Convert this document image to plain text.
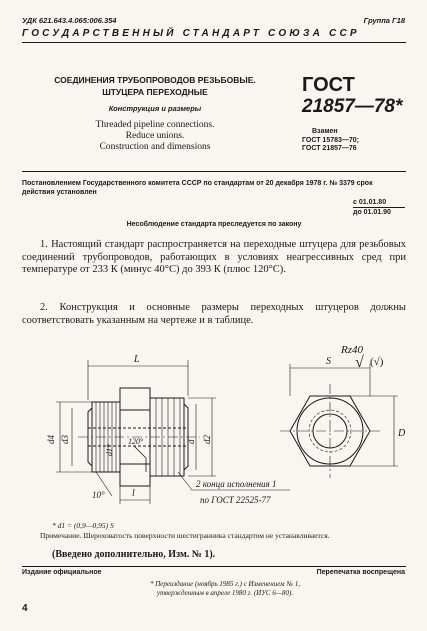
УДК 621.643.4.065:006.354	Группа Г18
ГОСУДАРСТВЕННЫЙ СТАНДАРТ СОЮЗА ССР
СОЕДИНЕНИЯ ТРУБОПРОВОДОВ РЕЗЬБОВЫЕ. ШТУЦЕРА ПЕРЕХОДНЫЕ
Конструкция и размеры
Threaded pipeline connections.
Reduce unions.
Construction and dimensions
ГОСТ
21857—78*
Взамен
ГОСТ 15783—70;
ГОСТ 21857—76
Постановлением Государственного комитета СССР по стандартам от 20 декабря 1978 г. № 3379 срок действия установлен
с 01.01.80
до 01.01.90
Несоблюдение стандарта преследуется по закону
1. Настоящий стандарт распространяется на переходные штуцера для резьбовых соединений трубопроводов, работающих в условиях неагрессивных сред при температуре от 233 К (минус 40°С) до 393 К (плюс 120°С).
2. Конструкция и основные размеры переходных штуцеров должны соответствовать указанным на чертеже и в таблице.
Rz40
√ (√)
L
d4 d3
d1*
d d2
120°
10°	l
2 конца исполнения 1
по ГОСТ 22525-77
S
D
* d1 = (0,9—0,95) S
Примечание. Шероховатость поверхности шестигранника стандартом не устанавливается.
(Введено дополнительно, Изм. № 1).
Издание официальное	Перепечатка воспрещена
* Переиздание (ноябрь 1985 г.) с Изменением № 1,
утвержденным в апреле 1980 г. (ИУС 6—80).
4
